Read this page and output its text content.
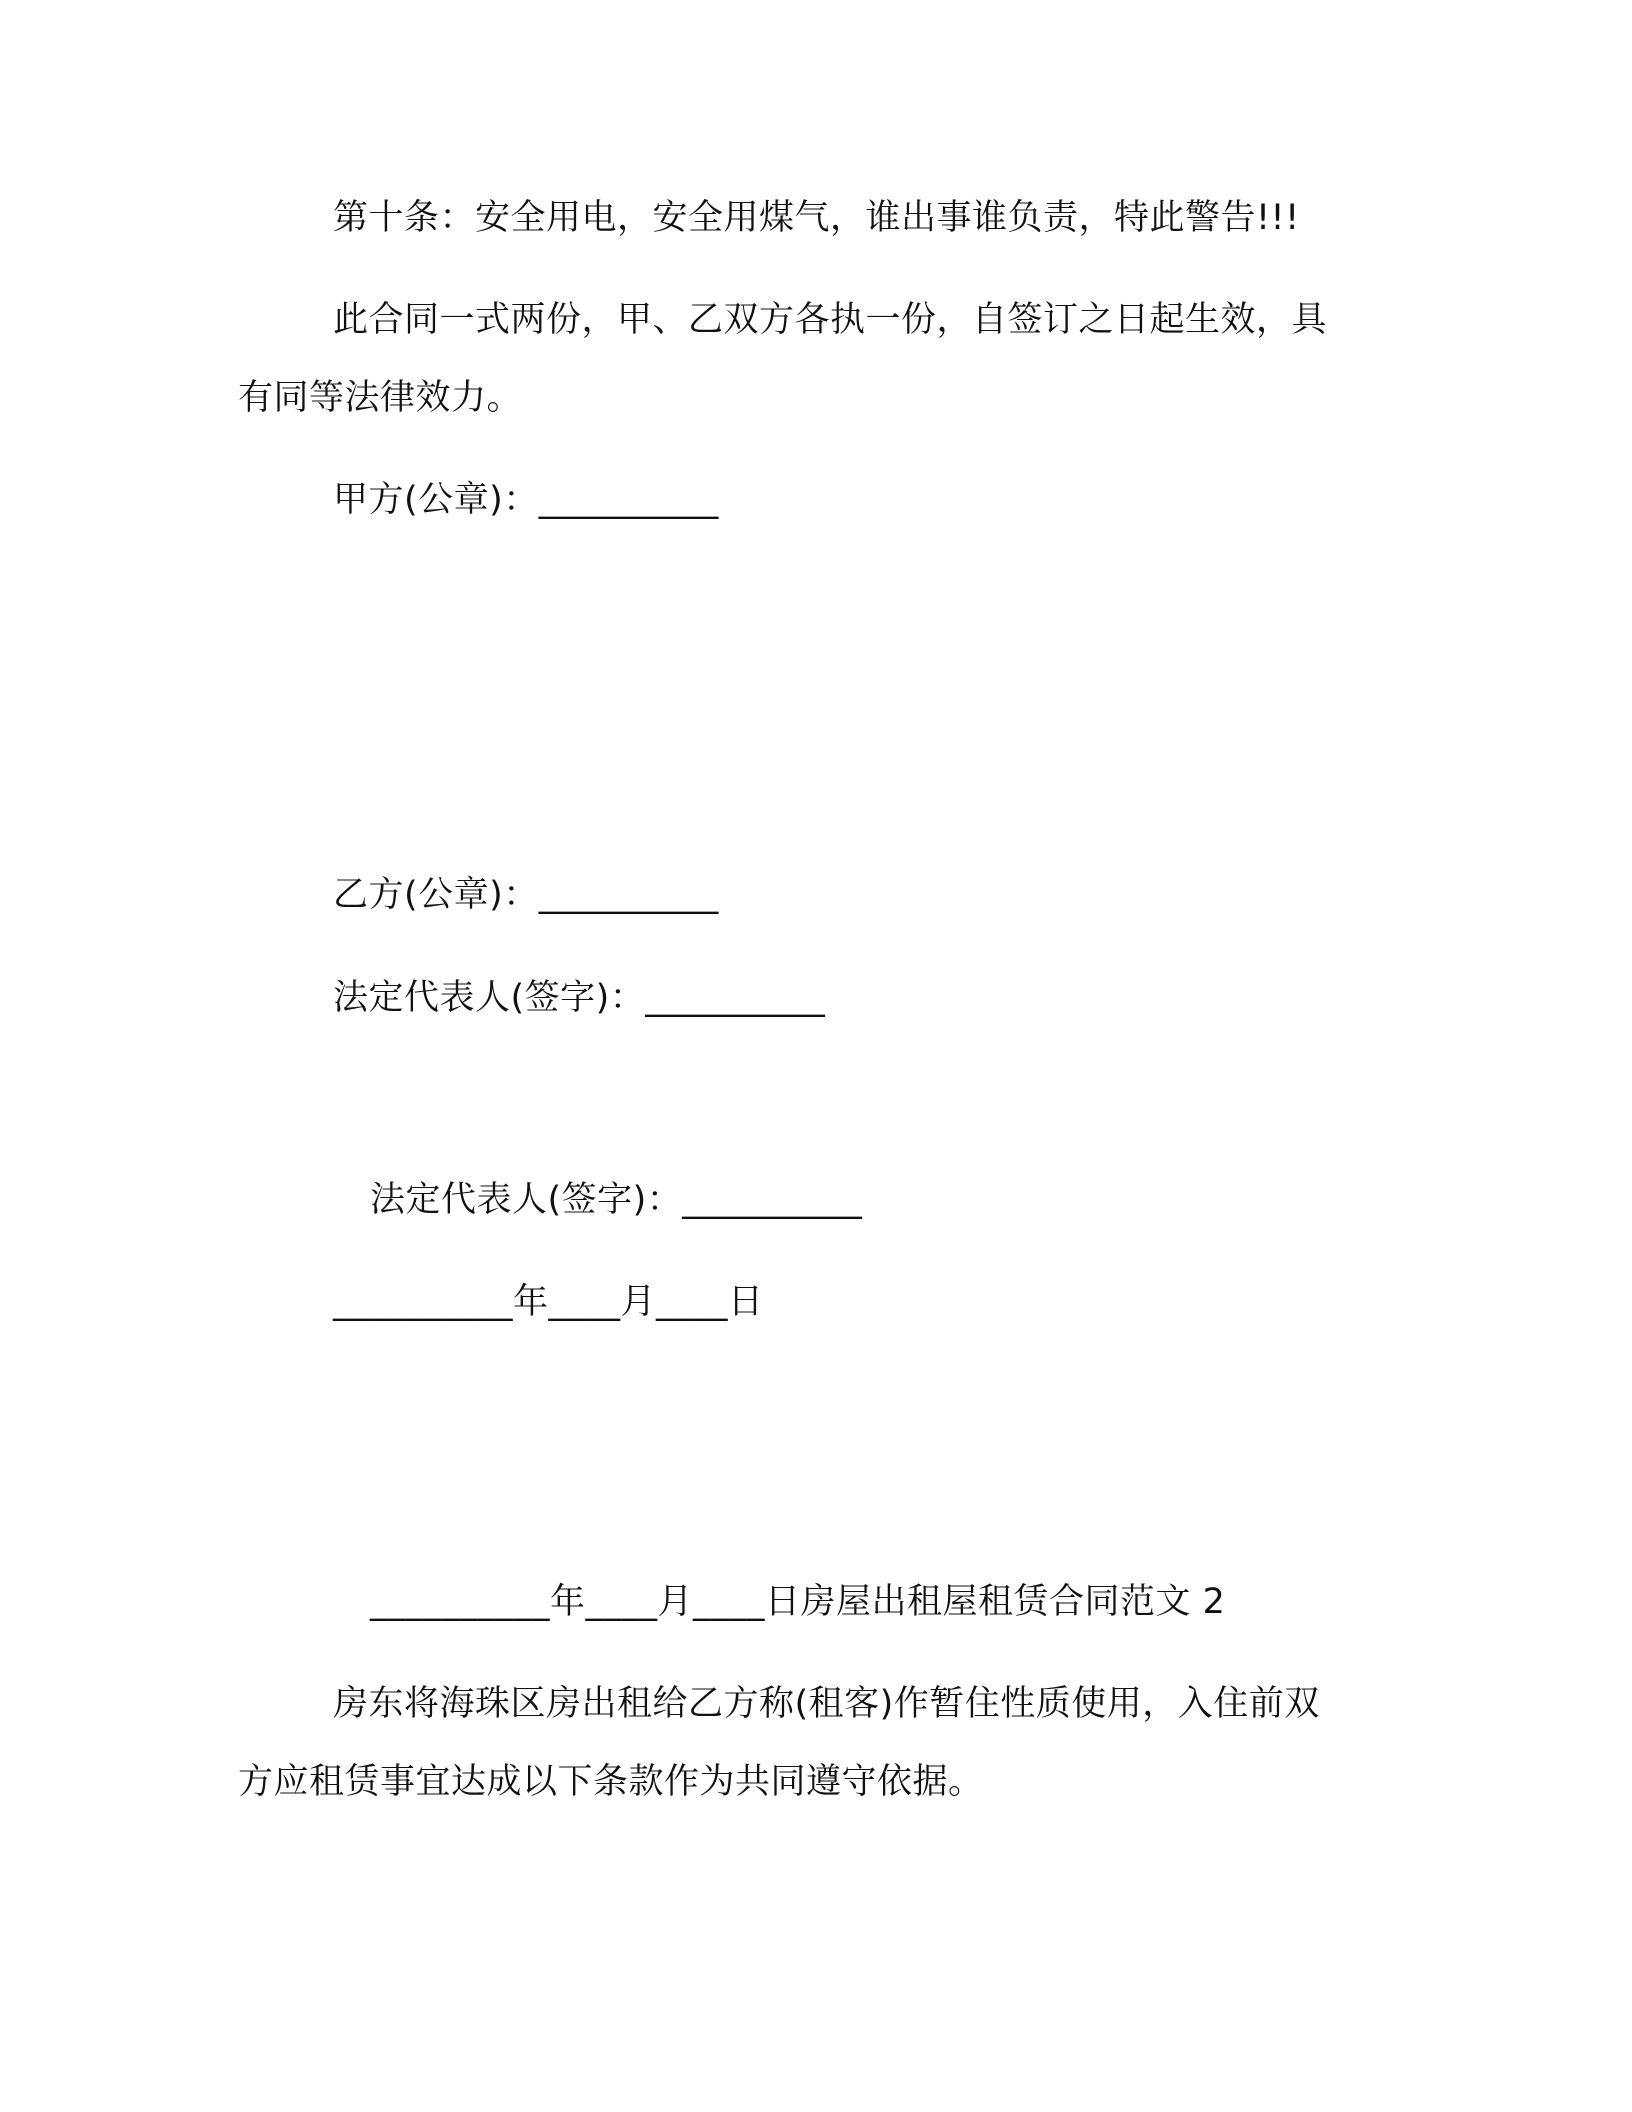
第十条：安全用电，安全用煤气，谁出事谁负责，特此警告!!!
此合同一式两份，甲、乙双方各执一份，自签订之日起生效，具
有同等法律效力。
甲方(公章)：__________
乙方(公章)：__________
法定代表人(签字)：__________
法定代表人(签字)：__________
__________年____月____日
__________年____月____日房屋出租屋租赁合同范文 2
房东将海珠区房出租给乙方称(租客)作暂住性质使用，入住前双
方应租赁事宜达成以下条款作为共同遵守依据。
